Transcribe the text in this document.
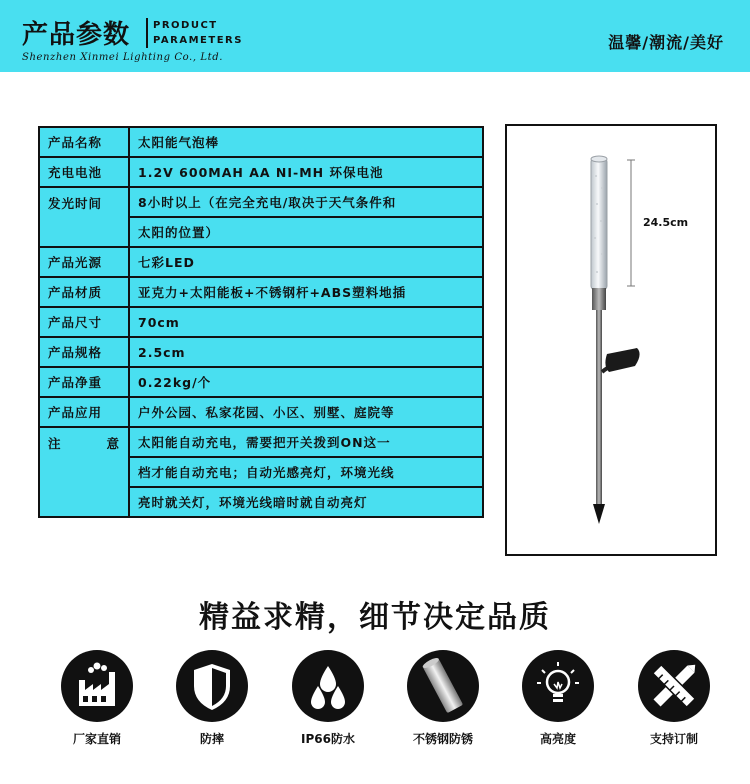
产品参数 PRODUCT
PARAMETERS
Shenzhen Xinmei Lighting Co., Ltd.
温馨/潮流/美好
产品名称	太阳能气泡棒
充电电池	1.2V 600MAH AA NI-MH 环保电池
发光时间	8小时以上（在完全充电/取决于天气条件和
	太阳的位置）
产品光源	七彩LED
产品材质	亚克力+太阳能板+不锈钢杆+ABS塑料地插
产品尺寸	70cm
产品规格	2.5cm
产品净重	0.22kg/个
产品应用	户外公园、私家花园、小区、别墅、庭院等

注 意	太阳能自动充电，需要把开关拨到ON这一
	档才能自动充电；自动光感亮灯，环境光线
	亮时就关灯，环境光线暗时就自动亮灯
24.5cm
精益求精，细节决定品质
厂家直销	防摔	IP66防水	不锈钢防锈	高亮度	支持订制
